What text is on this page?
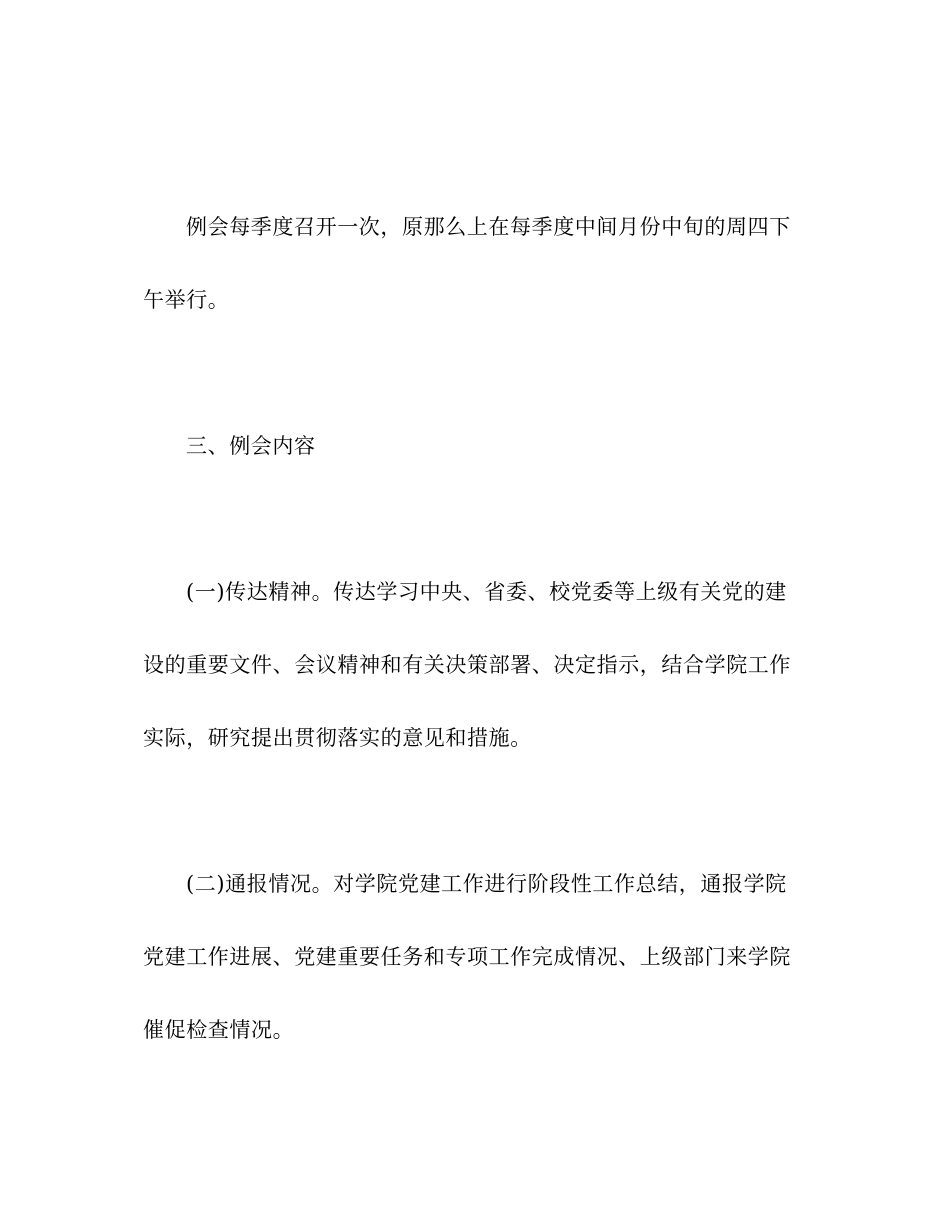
例会每季度召开一次，原那么上在每季度中间月份中旬的周四下
午举行。
三、例会内容
(一)传达精神。传达学习中央、省委、校党委等上级有关党的建
设的重要文件、会议精神和有关决策部署、决定指示，结合学院工作
实际，研究提出贯彻落实的意见和措施。
(二)通报情况。对学院党建工作进行阶段性工作总结，通报学院
党建工作进展、党建重要任务和专项工作完成情况、上级部门来学院
催促检查情况。
